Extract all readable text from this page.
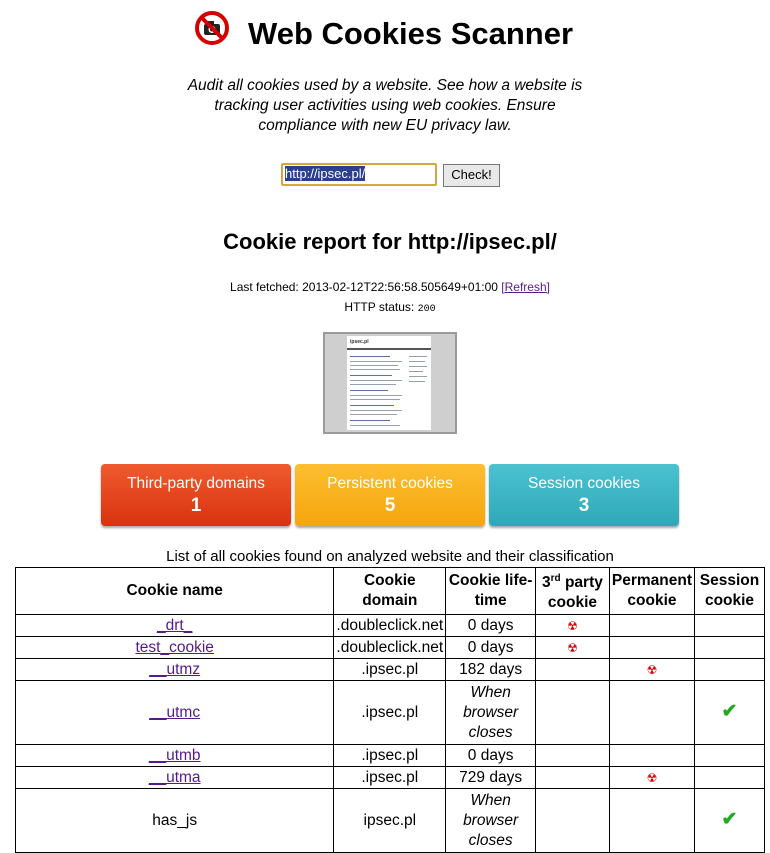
Web Cookies Scanner
Audit all cookies used by a website. See how a website is tracking user activities using web cookies. Ensure compliance with new EU privacy law.
http://ipsec.pl/	Check!
Cookie report for http://ipsec.pl/
Last fetched: 2013-02-12T22:56:58.505649+01:00 [Refresh]
HTTP status: 200
ipsec.pl
Third-party domains
1
Persistent cookies
5
Session cookies
3
List of all cookies found on analyzed website and their classification
Cookie name	Cookie domain	Cookie life-time	3rd party cookie	Permanent cookie	Session cookie
_drt_	.doubleclick.net	0 days	☢		
test_cookie	.doubleclick.net	0 days	☢		
__utmz	.ipsec.pl	182 days		☢	
__utmc	.ipsec.pl	When browser closes			✔
__utmb	.ipsec.pl	0 days			
__utma	.ipsec.pl	729 days		☢	
has_js	ipsec.pl	When browser closes			✔
